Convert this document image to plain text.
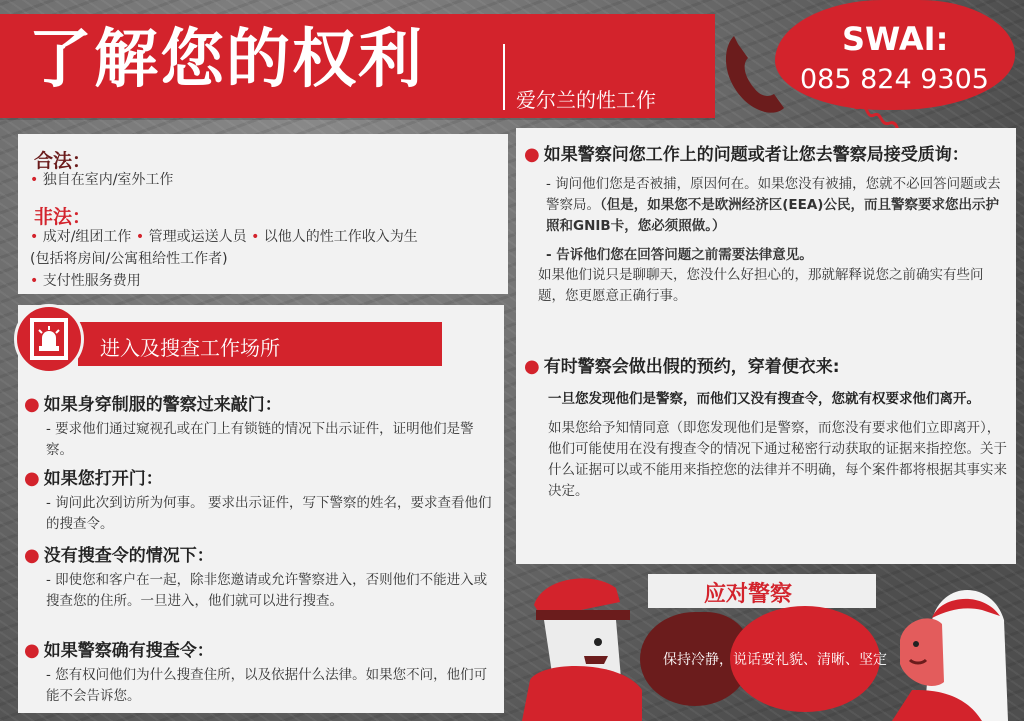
了解您的权利
爱尔兰的性工作
SWAI:
085 824 9305
合法：
• 独自在室内/室外工作
非法：
• 成对/组团工作 • 管理或运送人员 • 以他人的性工作收入为生
(包括将房间/公寓租给性工作者)
• 支付性服务费用
进入及搜查工作场所
● 如果身穿制服的警察过来敲门：
- 要求他们通过窥视孔或在门上有锁链的情况下出示证件，证明他们是警察。
● 如果您打开门：
- 询问此次到访所为何事。 要求出示证件，写下警察的姓名，要求查看他们的搜查令。
● 没有搜查令的情况下：
- 即使您和客户在一起，除非您邀请或允许警察进入，否则他们不能进入或搜查您的住所。一旦进入，他们就可以进行搜查。
● 如果警察确有搜查令：
- 您有权问他们为什么搜查住所，以及依据什么法律。如果您不问，他们可能不会告诉您。
● 如果警察问您工作上的问题或者让您去警察局接受质询：
- 询问他们您是否被捕，原因何在。如果您没有被捕，您就不必回答问题或去警察局。（但是，如果您不是欧洲经济区(EEA)公民，而且警察要求您出示护照和GNIB卡，您必须照做。）
- 告诉他们您在回答问题之前需要法律意见。
如果他们说只是聊聊天，您没什么好担心的，那就解释说您之前确实有些问题，您更愿意正确行事。
● 有时警察会做出假的预约，穿着便衣来:
一旦您发现他们是警察，而他们又没有搜查令，您就有权要求他们离开。
如果您给予知情同意（即您发现他们是警察，而您没有要求他们立即离开），他们可能使用在没有搜查令的情况下通过秘密行动获取的证据来指控您。关于什么证据可以或不能用来指控您的法律并不明确，每个案件都将根据其事实来决定。
应对警察
保持冷静，说话要礼貌、清晰、坚定
